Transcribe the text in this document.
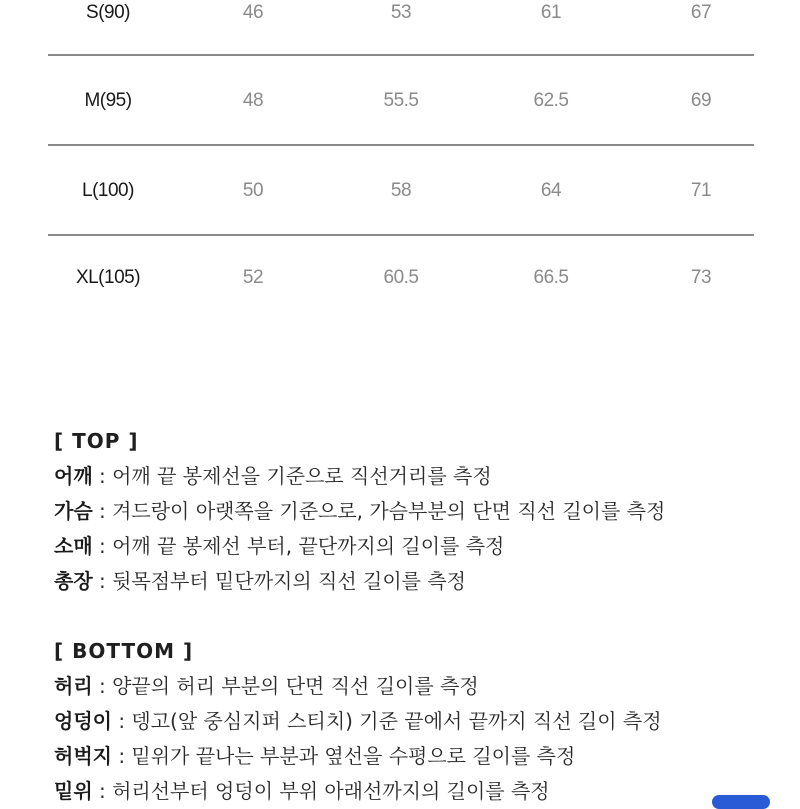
S(90)	46	53	61	67
M(95)	48	55.5	62.5	69
L(100)	50	58	64	71
XL(105)	52	60.5	66.5	73
[ TOP ]
어깨 : 어깨 끝 봉제선을 기준으로 직선거리를 측정
가슴 : 겨드랑이 아랫쪽을 기준으로, 가슴부분의 단면 직선 길이를 측정
소매 : 어깨 끝 봉제선 부터, 끝단까지의 길이를 측정
총장 : 뒷목점부터 밑단까지의 직선 길이를 측정
[ BOTTOM ]
허리 : 양끝의 허리 부분의 단면 직선 길이를 측정
엉덩이 : 뎅고(앞 중심지퍼 스티치) 기준 끝에서 끝까지 직선 길이 측정
허벅지 : 밑위가 끝나는 부분과 옆선을 수평으로 길이를 측정
밑위 : 허리선부터 엉덩이 부위 아래선까지의 길이를 측정
